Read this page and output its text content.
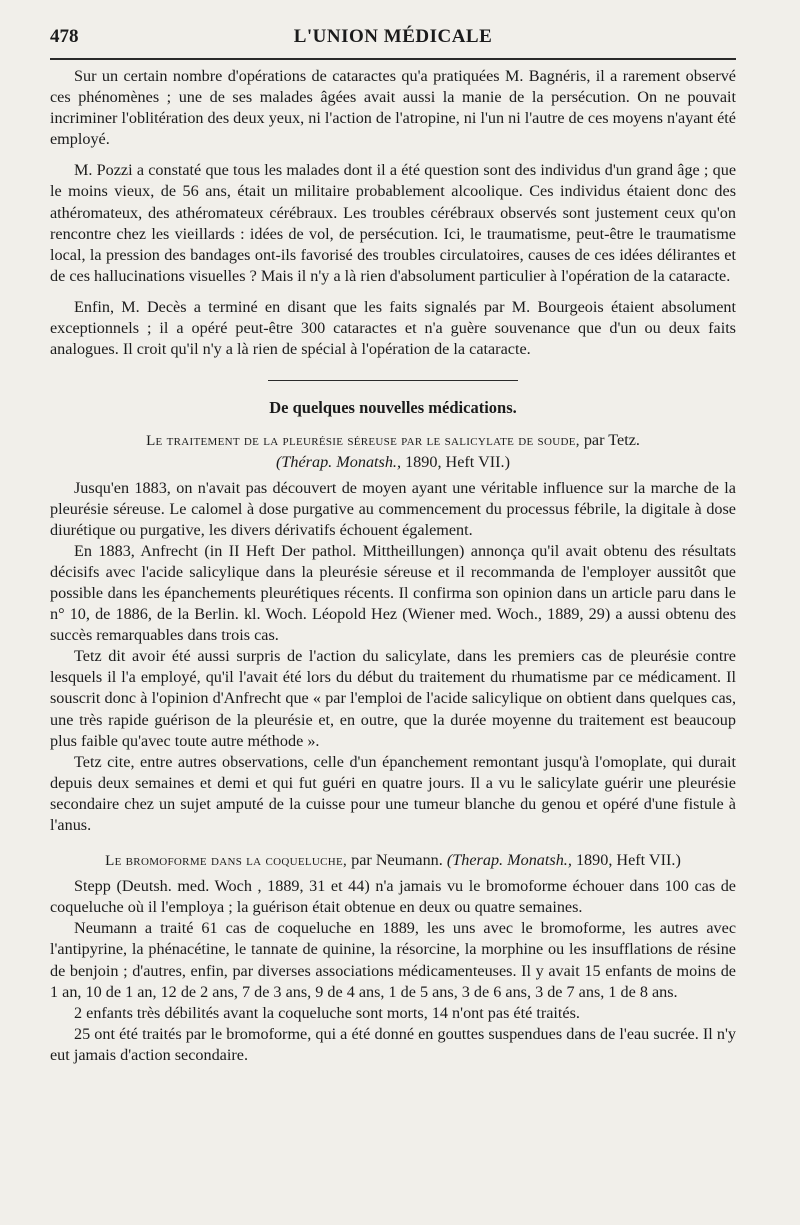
478	L'UNION MÉDICALE

Sur un certain nombre d'opérations de cataractes qu'a pratiquées M. Bagnéris, il a rarement observé ces phénomènes ; une de ses malades âgées avait aussi la manie de la persécution. On ne pouvait incriminer l'oblitération des deux yeux, ni l'action de l'atropine, ni l'un ni l'autre de ces moyens n'ayant été employé.

M. Pozzi a constaté que tous les malades dont il a été question sont des individus d'un grand âge ; que le moins vieux, de 56 ans, était un militaire probablement alcoolique. Ces individus étaient donc des athéromateux, des athéromateux cérébraux. Les troubles cérébraux observés sont justement ceux qu'on rencontre chez les vieillards : idées de vol, de persécution. Ici, le traumatisme, peut-être le traumatisme local, la pression des bandages ont-ils favorisé des troubles circulatoires, causes de ces idées délirantes et de ces hallucinations visuelles ? Mais il n'y a là rien d'absolument particulier à l'opération de la cataracte.

Enfin, M. Decès a terminé en disant que les faits signalés par M. Bourgeois étaient absolument exceptionnels ; il a opéré peut-être 300 cataractes et n'a guère souvenance que d'un ou deux faits analogues. Il croit qu'il n'y a là rien de spécial à l'opération de la cataracte.

De quelques nouvelles médications.

Le traitement de la pleurésie séreuse par le salicylate de soude, par Tetz.

(Thérap. Monatsh., 1890, Heft VII.)

Jusqu'en 1883, on n'avait pas découvert de moyen ayant une véritable influence sur la marche de la pleurésie séreuse. Le calomel à dose purgative au commencement du processus fébrile, la digitale à dose diurétique ou purgative, les divers dérivatifs échouent également.

En 1883, Anfrecht (in II Heft Der pathol. Mittheillungen) annonça qu'il avait obtenu des résultats décisifs avec l'acide salicylique dans la pleurésie séreuse et il recommanda de l'employer aussitôt que possible dans les épanchements pleurétiques récents. Il confirma son opinion dans un article paru dans le n° 10, de 1886, de la Berlin. kl. Woch. Léopold Hez (Wiener med. Woch., 1889, 29) a aussi obtenu des succès remarquables dans trois cas.

Tetz dit avoir été aussi surpris de l'action du salicylate, dans les premiers cas de pleurésie contre lesquels il l'a employé, qu'il l'avait été lors du début du traitement du rhumatisme par ce médicament. Il souscrit donc à l'opinion d'Anfrecht que « par l'emploi de l'acide salicylique on obtient dans quelques cas, une très rapide guérison de la pleurésie et, en outre, que la durée moyenne du traitement est beaucoup plus faible qu'avec toute autre méthode ».

Tetz cite, entre autres observations, celle d'un épanchement remontant jusqu'à l'omoplate, qui durait depuis deux semaines et demi et qui fut guéri en quatre jours. Il a vu le salicylate guérir une pleurésie secondaire chez un sujet amputé de la cuisse pour une tumeur blanche du genou et opéré d'une fistule à l'anus.

Le bromoforme dans la coqueluche, par Neumann. (Therap. Monatsh., 1890, Heft VII.)

Stepp (Deutsh. med. Woch , 1889, 31 et 44) n'a jamais vu le bromoforme échouer dans 100 cas de coqueluche où il l'employa ; la guérison était obtenue en deux ou quatre semaines.

Neumann a traité 61 cas de coqueluche en 1889, les uns avec le bromoforme, les autres avec l'antipyrine, la phénacétine, le tannate de quinine, la résorcine, la morphine ou les insufflations de résine de benjoin ; d'autres, enfin, par diverses associations médicamenteuses. Il y avait 15 enfants de moins de 1 an, 10 de 1 an, 12 de 2 ans, 7 de 3 ans, 9 de 4 ans, 1 de 5 ans, 3 de 6 ans, 3 de 7 ans, 1 de 8 ans.

2 enfants très débilités avant la coqueluche sont morts, 14 n'ont pas été traités.

25 ont été traités par le bromoforme, qui a été donné en gouttes suspendues dans de l'eau sucrée. Il n'y eut jamais d'action secondaire.
